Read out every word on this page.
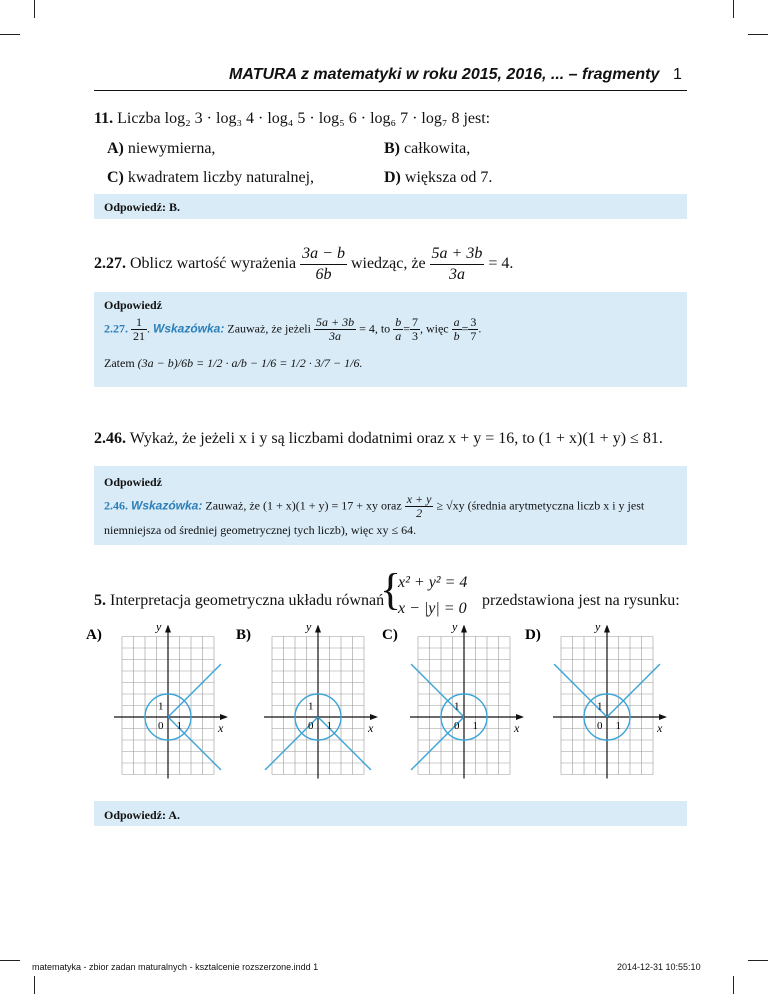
MATURA z matematyki w roku 2015, 2016, ... – fragmenty 1
11. Liczba log₂ 3 · log₃ 4 · log₄ 5 · log₅ 6 · log₆ 7 · log₇ 8 jest:
A) niewymierna,	B) całkowita,
C) kwadratem liczby naturalnej,	D) większa od 7.
Odpowiedź: B.
2.27. Oblicz wartość wyrażenia $\frac{3a - b}{6b}$ wiedząc, że $\frac{5a + 3b}{3a} = 4$.
Odpowiedź
2.27. $\frac{1}{21}$ . Wskazówka: Zauważ, że jeżeli $\frac{5a + 3b}{3a} = 4$, to $\frac{b}{a} = \frac{7}{3}$ , więc $\frac{a}{b} = \frac{3}{7}$ .
Zatem (3a − b)/6b = 1/2 · a/b − 1/6 = 1/2 · 3/7 − 1/6.
2.46. Wykaż, że jeżeli x i y są liczbami dodatnimi oraz x + y = 16, to (1 + x)(1 + y) ≤ 81.
Odpowiedź
2.46. Wskazówka: Zauważ, że (1 + x)(1 + y) = 17 + xy oraz $\frac{x + y}{2} \ge √xy$ (średnia arytmetyczna liczb x i y jest
niemniejsza od średniej geometrycznej tych liczb), więc xy ≤ 64.
5. Interpretacja geometryczna układu równań
{
x² + y² = 4
x − |y| = 0 przedstawiona jest na rysunku:
A)
y
x
1
0 1
B)
y
x
1
0 1
C)
y
x
1
0 1
D)
y
x
1
0 1
Odpowiedź: A.
matematyka - zbior zadan maturalnych - ksztalcenie rozszerzone.indd 1	2014-12-31 10:55:10
